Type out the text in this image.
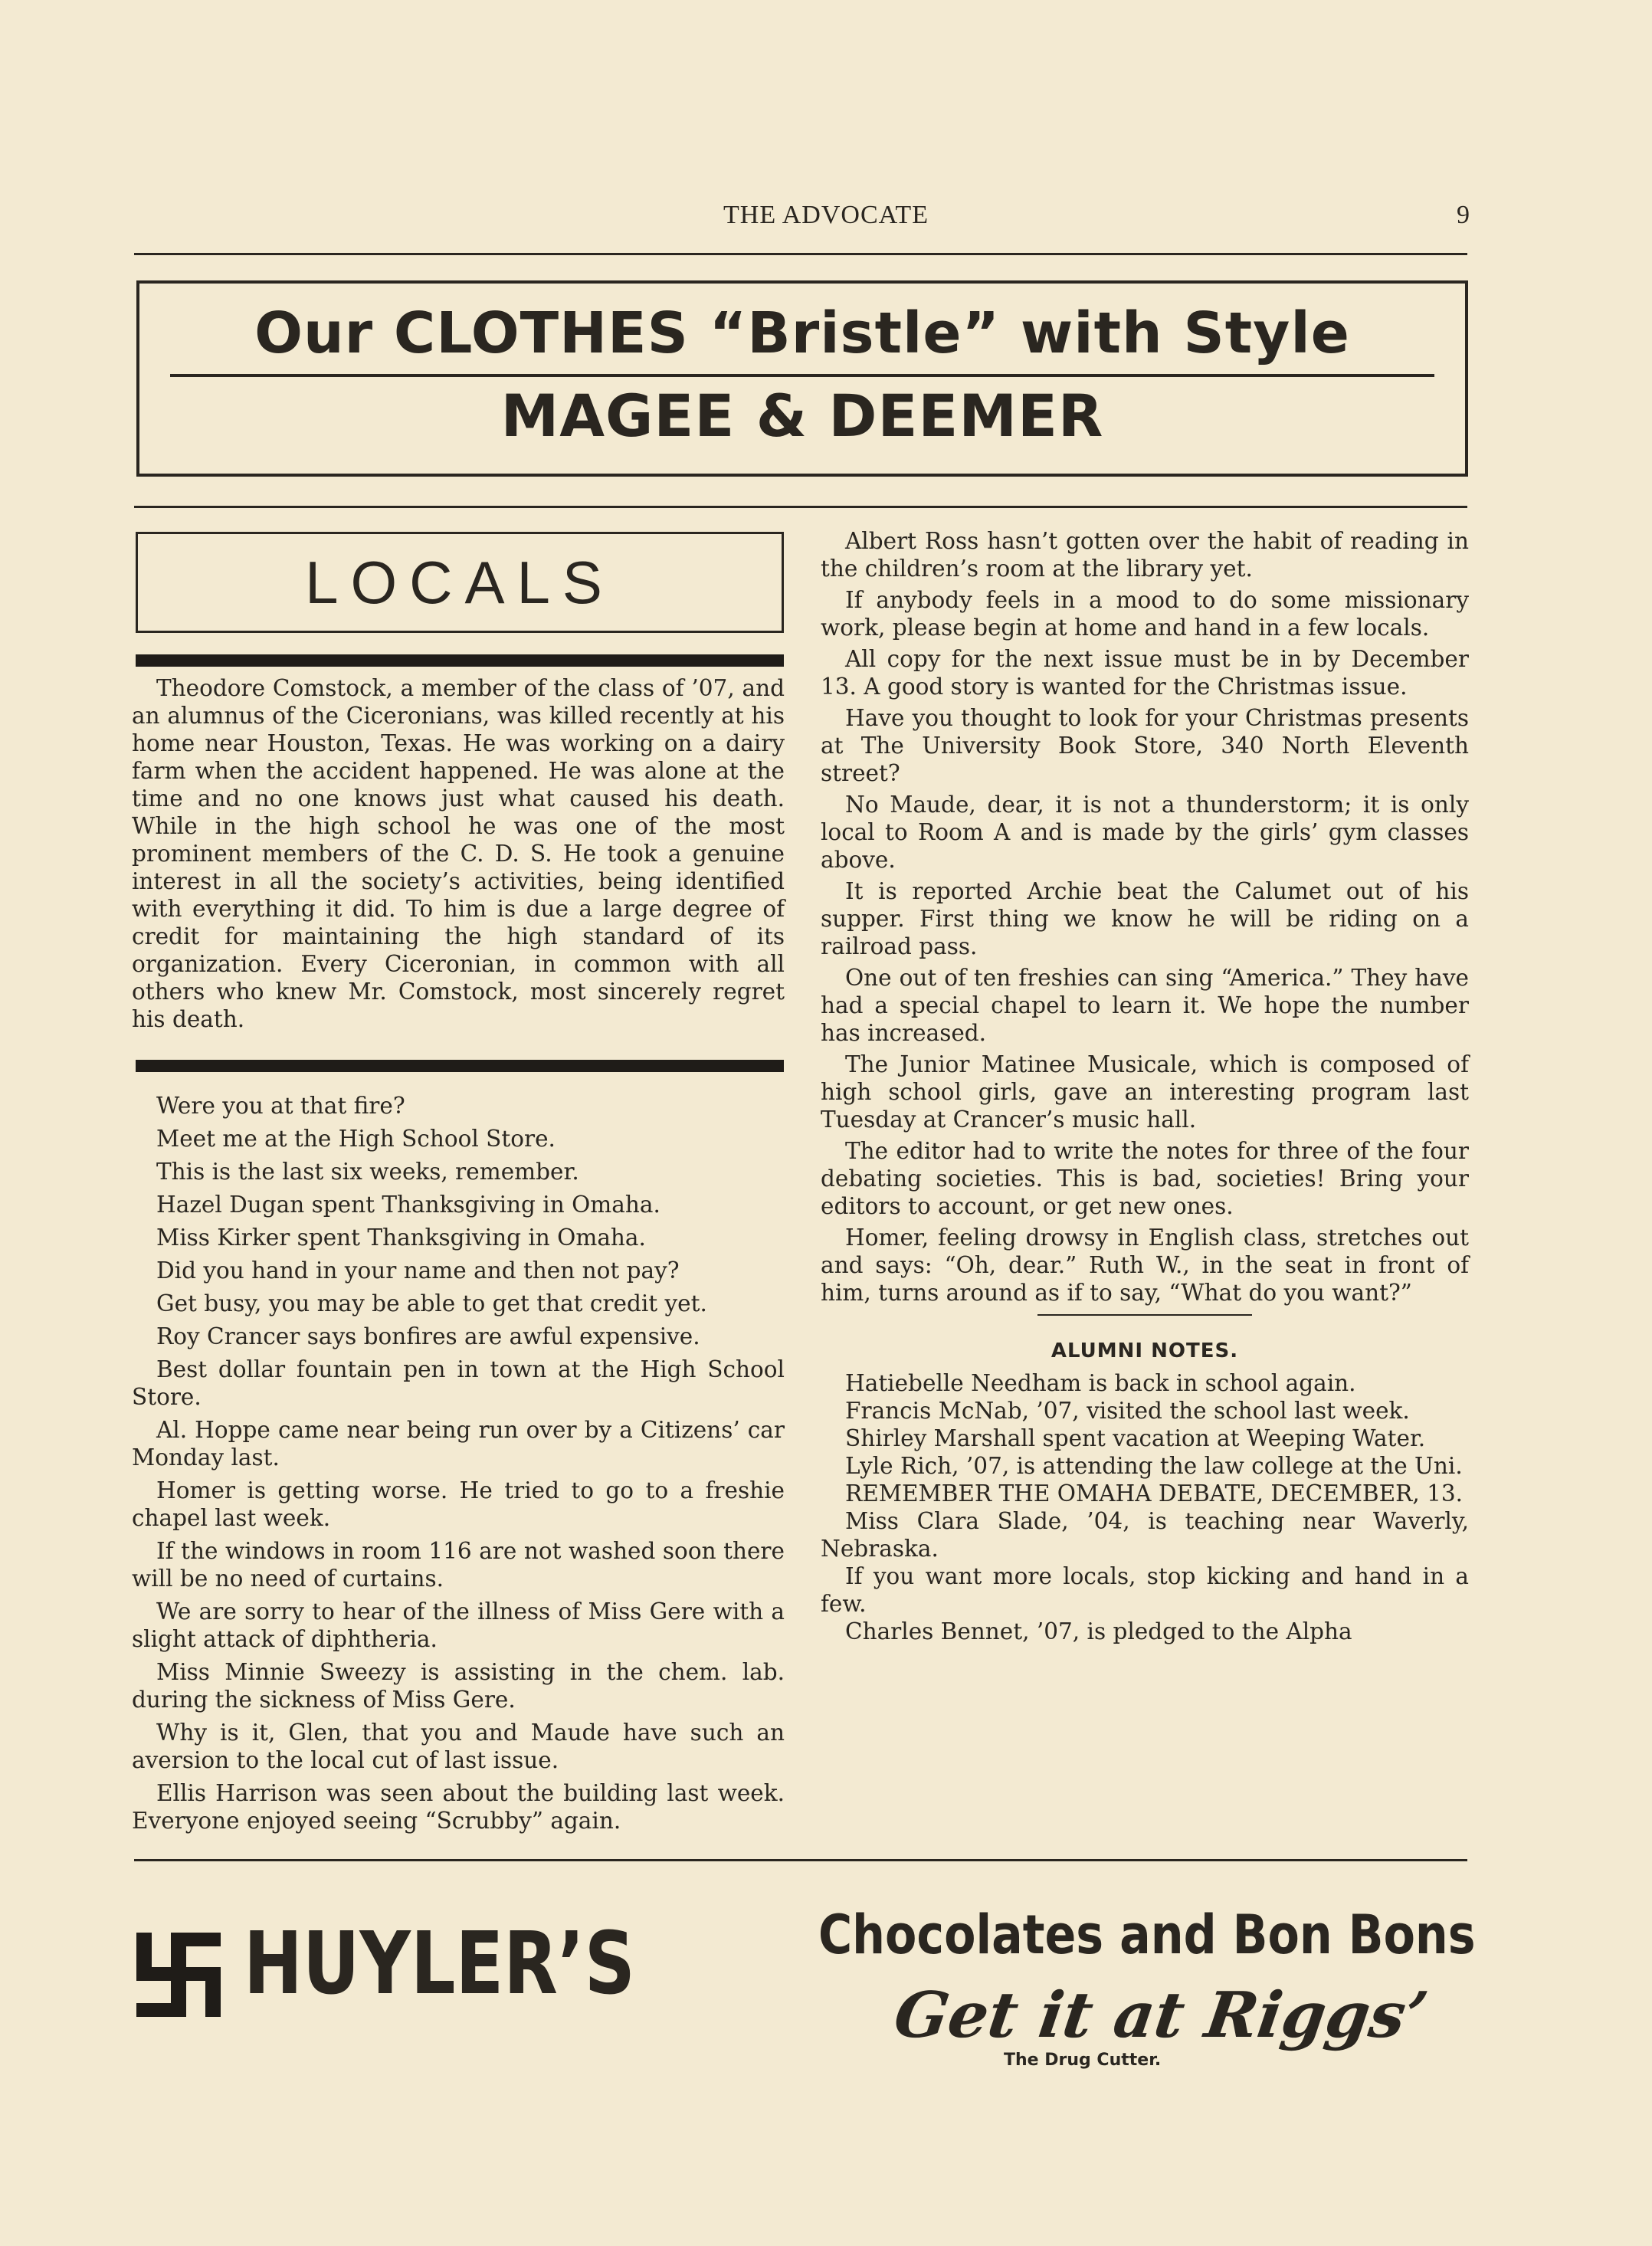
THE ADVOCATE	9
Our CLOTHES “Bristle” with Style
MAGEE & DEEMER
LOCALS

Theodore Comstock, a member of the class of ’07, and an alumnus of the Ciceronians, was killed recently at his home near Houston, Texas. He was working on a dairy farm when the accident happened. He was alone at the time and no one knows just what caused his death. While in the high school he was one of the most prominent members of the C. D. S. He took a genuine interest in all the society’s activities, being identified with everything it did. To him is due a large degree of credit for maintaining the high standard of its organization. Every Ciceronian, in common with all others who knew Mr. Comstock, most sincerely regret his death.

Were you at that fire?

Meet me at the High School Store.

This is the last six weeks, remember.

Hazel Dugan spent Thanksgiving in Omaha.

Miss Kirker spent Thanksgiving in Omaha.

Did you hand in your name and then not pay?

Get busy, you may be able to get that credit yet.

Roy Crancer says bonfires are awful expensive.

Best dollar fountain pen in town at the High School Store.

Al. Hoppe came near being run over by a Citizens’ car Monday last.

Homer is getting worse. He tried to go to a freshie chapel last week.

If the windows in room 116 are not washed soon there will be no need of curtains.

We are sorry to hear of the illness of Miss Gere with a slight attack of diphtheria.

Miss Minnie Sweezy is assisting in the chem. lab. during the sickness of Miss Gere.

Why is it, Glen, that you and Maude have such an aversion to the local cut of last issue.

Ellis Harrison was seen about the building last week. Everyone enjoyed seeing “Scrubby” again.

Albert Ross hasn’t gotten over the habit of reading in the children’s room at the library yet.

If anybody feels in a mood to do some missionary work, please begin at home and hand in a few locals.

All copy for the next issue must be in by December 13. A good story is wanted for the Christmas issue.

Have you thought to look for your Christmas presents at The University Book Store, 340 North Eleventh street?

No Maude, dear, it is not a thunderstorm; it is only local to Room A and is made by the girls’ gym classes above.

It is reported Archie beat the Calumet out of his supper. First thing we know he will be riding on a railroad pass.

One out of ten freshies can sing “America.” They have had a special chapel to learn it. We hope the number has increased.

The Junior Matinee Musicale, which is composed of high school girls, gave an interesting program last Tuesday at Crancer’s music hall.

The editor had to write the notes for three of the four debating societies. This is bad, societies! Bring your editors to account, or get new ones.

Homer, feeling drowsy in English class, stretches out and says: “Oh, dear.” Ruth W., in the seat in front of him, turns around as if to say, “What do you want?”

ALUMNI NOTES.

Hatiebelle Needham is back in school again.

Francis McNab, ’07, visited the school last week.

Shirley Marshall spent vacation at Weeping Water.

Lyle Rich, ’07, is attending the law college at the Uni.

REMEMBER THE OMAHA DEBATE, DECEMBER, 13.

Miss Clara Slade, ’04, is teaching near Waverly, Nebraska.

If you want more locals, stop kicking and hand in a few.

Charles Bennet, ’07, is pledged to the Alpha

HUYLER’S	Chocolates and Bon Bons
Get it at Riggs’
The Drug Cutter.
